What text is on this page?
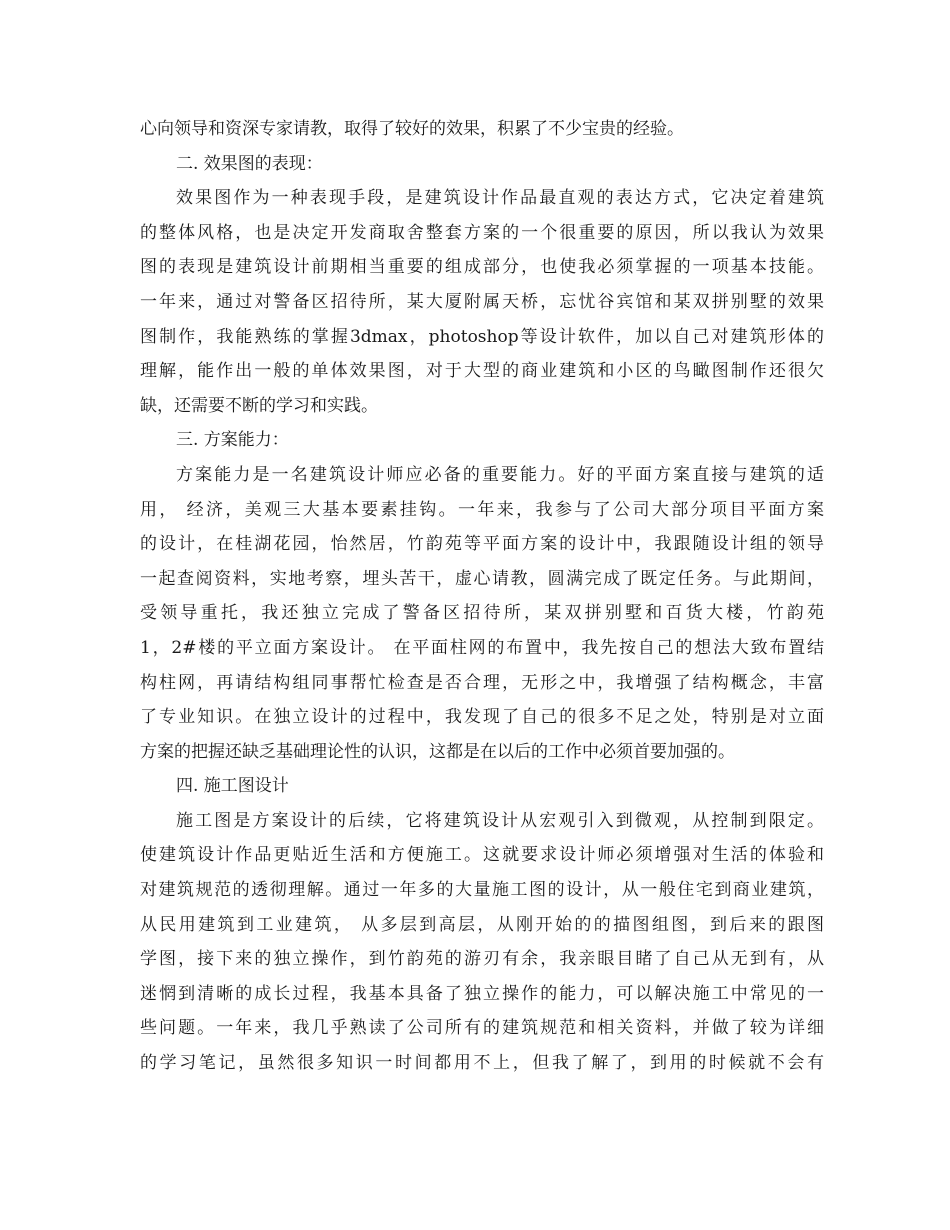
心向领导和资深专家请教，取得了较好的效果，积累了不少宝贵的经验。
二. 效果图的表现：
效果图作为一种表现手段，是建筑设计作品最直观的表达方式，它决定着建筑
的整体风格，也是决定开发商取舍整套方案的一个很重要的原因，所以我认为效果
图的表现是建筑设计前期相当重要的组成部分，也使我必须掌握的一项基本技能。
一年来，通过对警备区招待所，某大厦附属天桥，忘忧谷宾馆和某双拼别墅的效果
图制作，我能熟练的掌握3dmax，photoshop等设计软件，加以自己对建筑形体的
理解，能作出一般的单体效果图，对于大型的商业建筑和小区的鸟瞰图制作还很欠
缺，还需要不断的学习和实践。
三. 方案能力：
方案能力是一名建筑设计师应必备的重要能力。好的平面方案直接与建筑的适
用， 经济，美观三大基本要素挂钩。一年来，我参与了公司大部分项目平面方案
的设计，在桂湖花园，怡然居，竹韵苑等平面方案的设计中，我跟随设计组的领导
一起查阅资料，实地考察，埋头苦干，虚心请教，圆满完成了既定任务。与此期间，
受领导重托，我还独立完成了警备区招待所，某双拼别墅和百货大楼，竹韵苑
1，2#楼的平立面方案设计。 在平面柱网的布置中，我先按自己的想法大致布置结
构柱网，再请结构组同事帮忙检查是否合理，无形之中，我增强了结构概念，丰富
了专业知识。在独立设计的过程中，我发现了自己的很多不足之处，特别是对立面
方案的把握还缺乏基础理论性的认识，这都是在以后的工作中必须首要加强的。
四. 施工图设计
施工图是方案设计的后续，它将建筑设计从宏观引入到微观，从控制到限定。
使建筑设计作品更贴近生活和方便施工。这就要求设计师必须增强对生活的体验和
对建筑规范的透彻理解。通过一年多的大量施工图的设计，从一般住宅到商业建筑，
从民用建筑到工业建筑， 从多层到高层，从刚开始的的描图组图，到后来的跟图
学图，接下来的独立操作，到竹韵苑的游刃有余，我亲眼目睹了自己从无到有，从
迷惘到清晰的成长过程，我基本具备了独立操作的能力，可以解决施工中常见的一
些问题。一年来，我几乎熟读了公司所有的建筑规范和相关资料，并做了较为详细
的学习笔记，虽然很多知识一时间都用不上，但我了解了，到用的时候就不会有
